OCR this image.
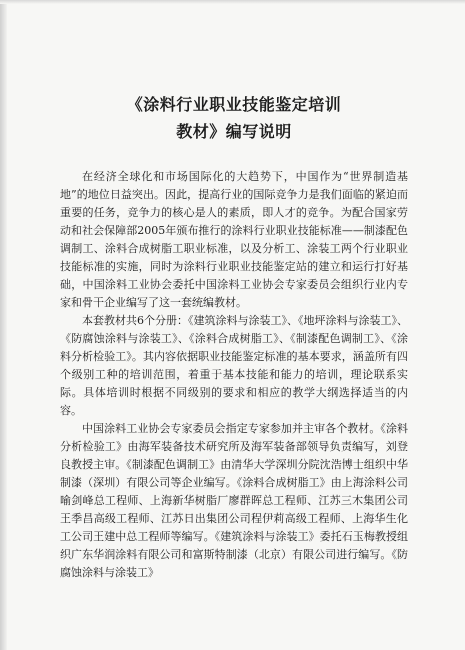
《涂料行业职业技能鉴定培训
教材》编写说明

在经济全球化和市场国际化的大趋势下，中国作为“世界制造基地”的地位日益突出。因此，提高行业的国际竞争力是我们面临的紧迫而重要的任务，竞争力的核心是人的素质，即人才的竞争。为配合国家劳动和社会保障部2005年颁布推行的涂料行业职业技能标准——制漆配色调制工、涂料合成树脂工职业标准，以及分析工、涂装工两个行业职业技能标准的实施，同时为涂料行业职业技能鉴定站的建立和运行打好基础，中国涂料工业协会委托中国涂料工业协会专家委员会组织行业内专家和骨干企业编写了这一套统编教材。

本套教材共6个分册：《建筑涂料与涂装工》、《地坪涂料与涂装工》、《防腐蚀涂料与涂装工》、《涂料合成树脂工》、《制漆配色调制工》、《涂料分析检验工》。其内容依据职业技能鉴定标准的基本要求，涵盖所有四个级别工种的培训范围，着重于基本技能和能力的培训，理论联系实际。具体培训时根据不同级别的要求和相应的教学大纲选择适当的内容。

中国涂料工业协会专家委员会指定专家参加并主审各个教材。《涂料分析检验工》由海军装备技术研究所及海军装备部领导负责编写，刘登良教授主审。《制漆配色调制工》由清华大学深圳分院沈浩博士组织中华制漆（深圳）有限公司等企业编写。《涂料合成树脂工》由上海涂料公司喻剑峰总工程师、上海新华树脂厂廖群晖总工程师、江苏三木集团公司王季昌高级工程师、江苏日出集团公司程伊莉高级工程师、上海华生化工公司王建中总工程师等编写。《建筑涂料与涂装工》委托石玉梅教授组织广东华润涂料有限公司和富斯特制漆（北京）有限公司进行编写。《防腐蚀涂料与涂装工》
